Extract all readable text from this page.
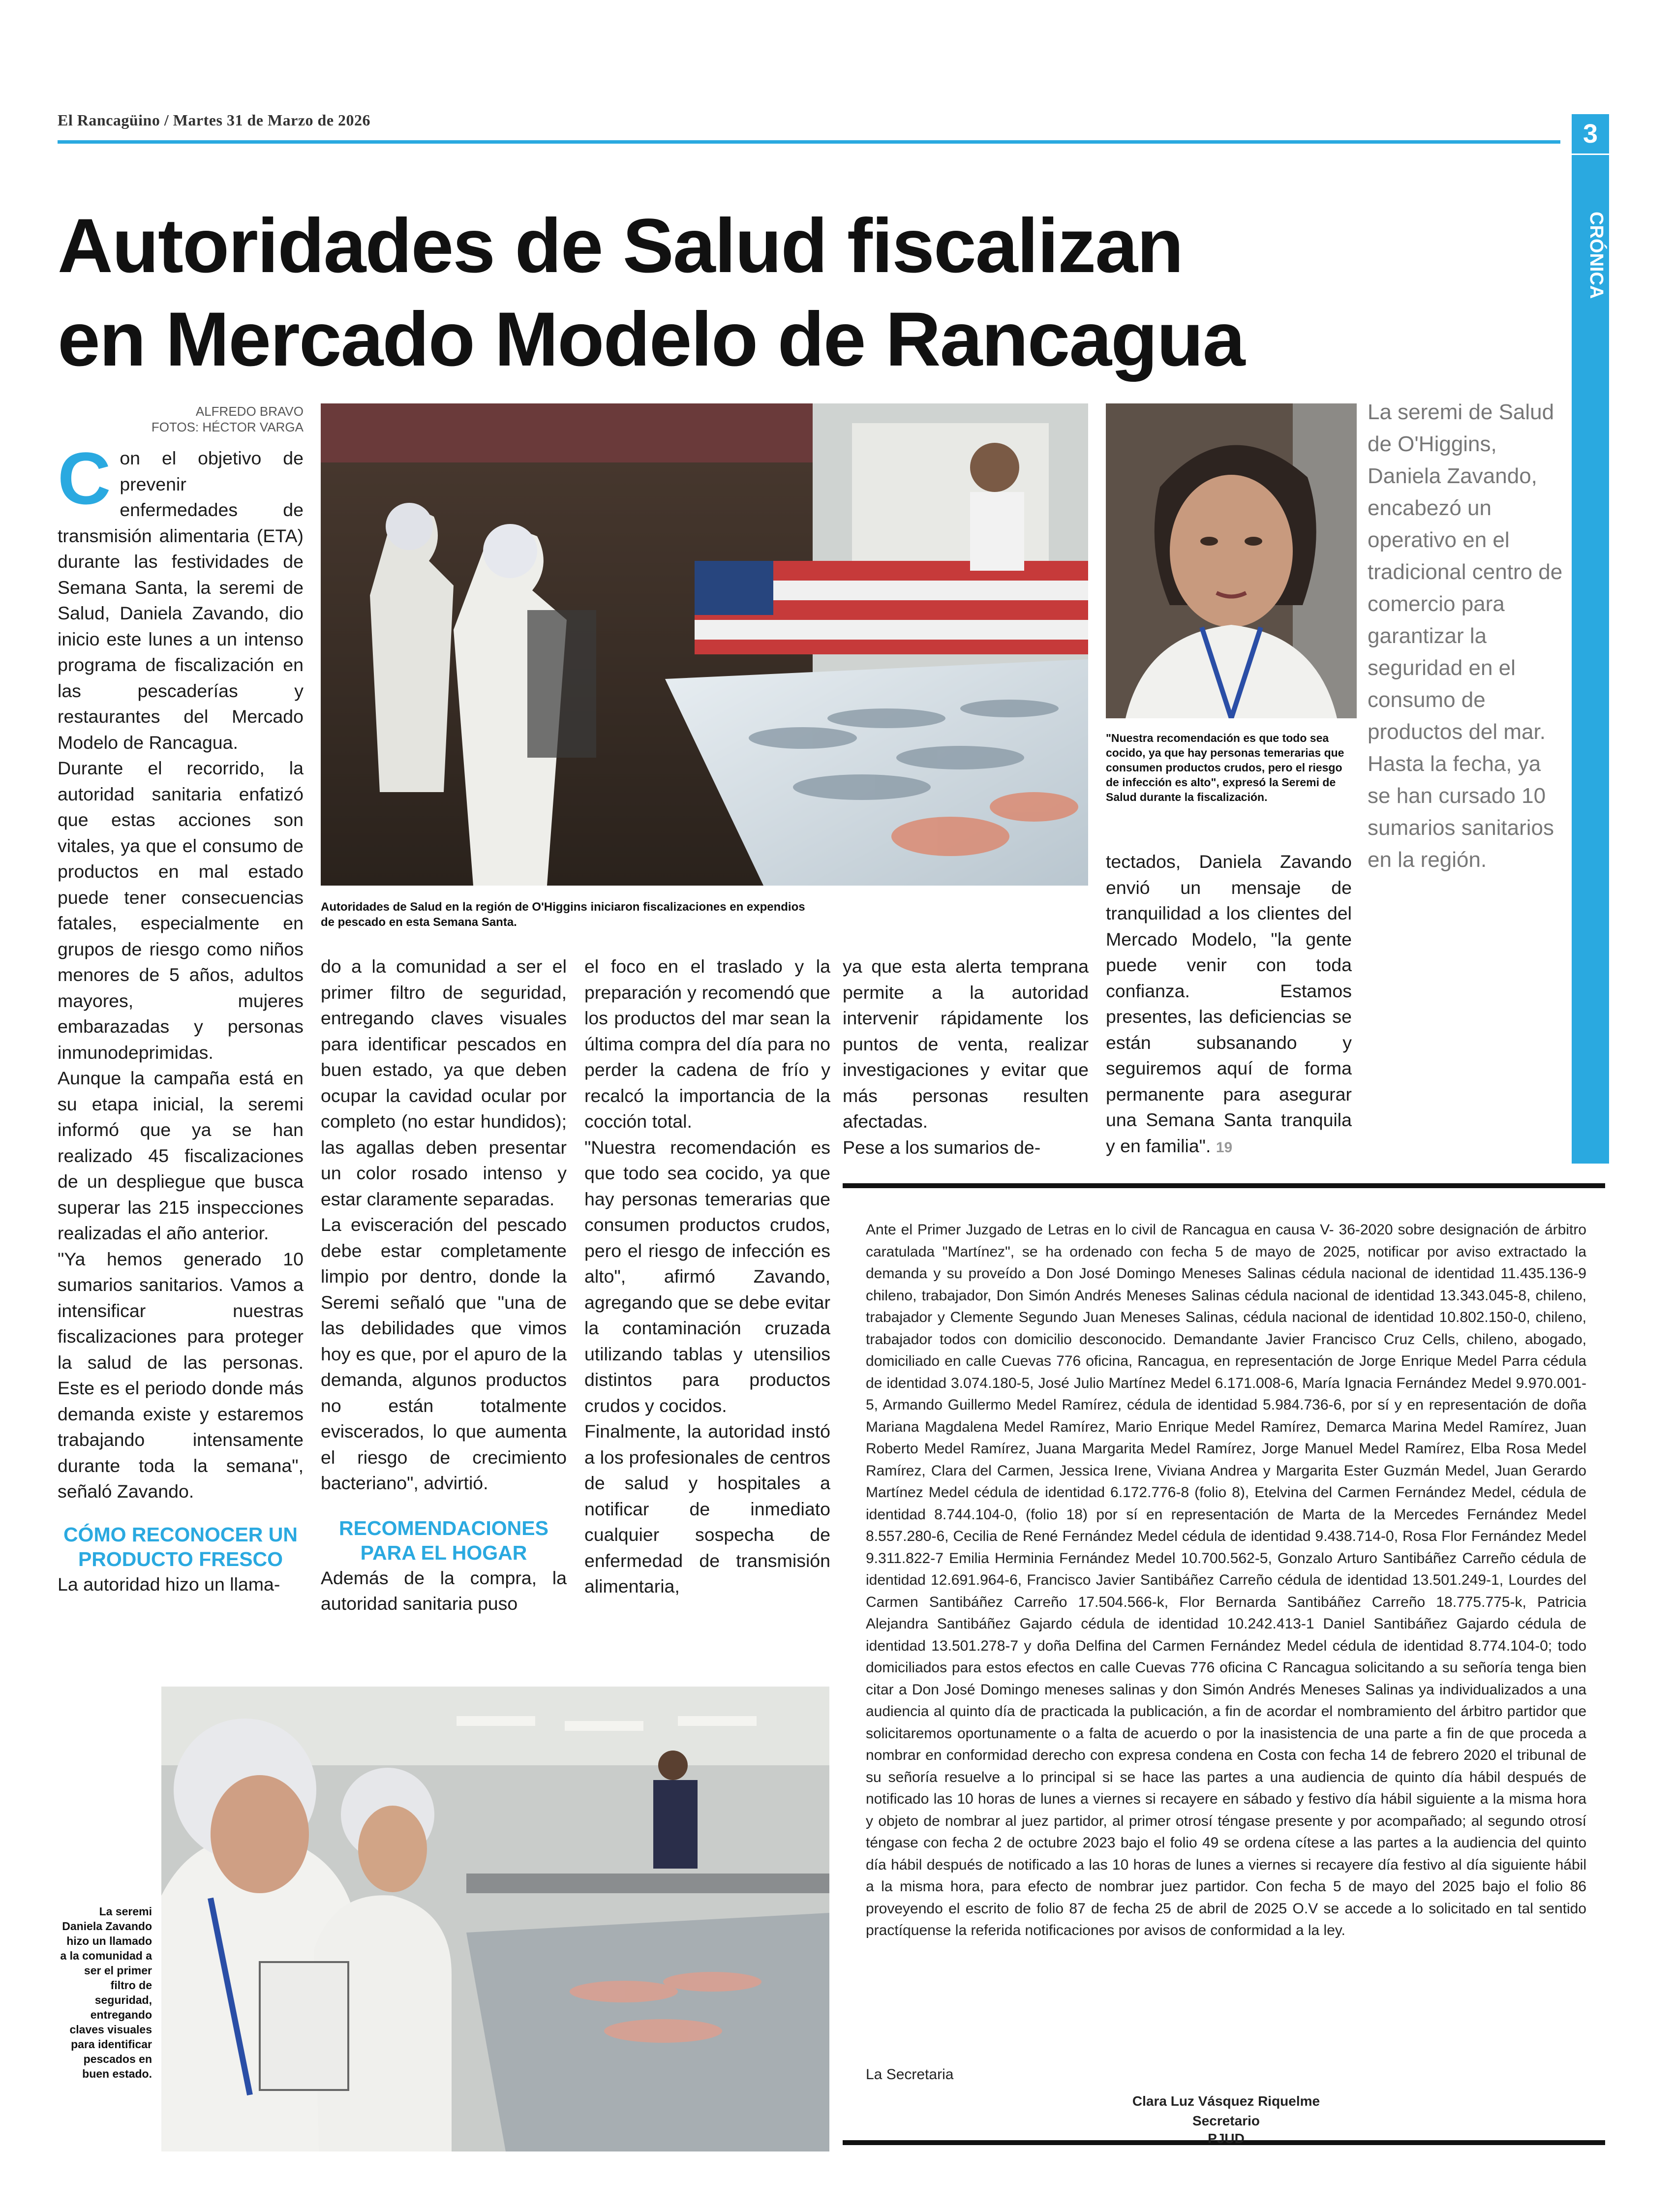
El Rancagüino / Martes 31 de Marzo de 2026	3
CRÓNICA
Autoridades de Salud fiscalizan en Mercado Modelo de Rancagua
ALFREDO BRAVO
FOTOS: HÉCTOR VARGA

Con el objetivo de prevenir enfermedades de transmisión alimentaria (ETA) durante las festividades de Semana Santa, la seremi de Salud, Daniela Zavando, dio inicio este lunes a un intenso programa de fiscalización en las pescaderías y restaurantes del Mercado Modelo de Rancagua.

Durante el recorrido, la autoridad sanitaria enfatizó que estas acciones son vitales, ya que el consumo de productos en mal estado puede tener consecuencias fatales, especialmente en grupos de riesgo como niños menores de 5 años, adultos mayores, mujeres embarazadas y personas inmunodeprimidas.

Aunque la campaña está en su etapa inicial, la seremi informó que ya se han realizado 45 fiscalizaciones de un despliegue que busca superar las 215 inspecciones realizadas el año anterior.

"Ya hemos generado 10 sumarios sanitarios. Vamos a intensificar nuestras fiscalizaciones para proteger la salud de las personas. Este es el periodo donde más demanda existe y estaremos trabajando intensamente durante toda la semana", señaló Zavando.

CÓMO RECONOCER UN PRODUCTO FRESCO

La autoridad hizo un llama-

Autoridades de Salud en la región de O'Higgins iniciaron fiscalizaciones en expendios de pescado en esta Semana Santa.
"Nuestra recomendación es que todo sea cocido, ya que hay personas temerarias que consumen productos crudos, pero el riesgo de infección es alto", expresó la Seremi de Salud durante la fiscalización.
La seremi de Salud de O'Higgins, Daniela Zavando, encabezó un operativo en el tradicional centro de comercio para garantizar la seguridad en el consumo de productos del mar. Hasta la fecha, ya se han cursado 10 sumarios sanitarios en la región.

do a la comunidad a ser el primer filtro de seguridad, entregando claves visuales para identificar pescados en buen estado, ya que deben ocupar la cavidad ocular por completo (no estar hundidos); las agallas deben presentar un color rosado intenso y estar claramente separadas.

La evisceración del pescado debe estar completamente limpio por dentro, donde la Seremi señaló que "una de las debilidades que vimos hoy es que, por el apuro de la demanda, algunos productos no están totalmente eviscerados, lo que aumenta el riesgo de crecimiento bacteriano", advirtió.

RECOMENDACIONES PARA EL HOGAR

Además de la compra, la autoridad sanitaria puso

el foco en el traslado y la preparación y recomendó que los productos del mar sean la última compra del día para no perder la cadena de frío y recalcó la importancia de la cocción total.

"Nuestra recomendación es que todo sea cocido, ya que hay personas temerarias que consumen productos crudos, pero el riesgo de infección es alto", afirmó Zavando, agregando que se debe evitar la contaminación cruzada utilizando tablas y utensilios distintos para productos crudos y cocidos.

Finalmente, la autoridad instó a los profesionales de centros de salud y hospitales a notificar de inmediato cualquier sospecha de enfermedad de transmisión alimentaria,

ya que esta alerta temprana permite a la autoridad intervenir rápidamente los puntos de venta, realizar investigaciones y evitar que más personas resulten afectadas.

Pese a los sumarios de-

tectados, Daniela Zavando envió un mensaje de tranquilidad a los clientes del Mercado Modelo, "la gente puede venir con toda confianza. Estamos presentes, las deficiencias se están subsanando y seguiremos aquí de forma permanente para asegurar una Semana Santa tranquila y en familia". 19

La seremi Daniela Zavando hizo un llamado a la comunidad a ser el primer filtro de seguridad, entregando claves visuales para identificar pescados en buen estado.
Ante el Primer Juzgado de Letras en lo civil de Rancagua en causa V- 36-2020 sobre designación de árbitro caratulada "Martínez", se ha ordenado con fecha 5 de mayo de 2025, notificar por aviso extractado la demanda y su proveído a Don José Domingo Meneses Salinas cédula nacional de identidad 11.435.136-9 chileno, trabajador, Don Simón Andrés Meneses Salinas cédula nacional de identidad 13.343.045-8, chileno, trabajador y Clemente Segundo Juan Meneses Salinas, cédula nacional de identidad 10.802.150-0, chileno, trabajador todos con domicilio desconocido. Demandante Javier Francisco Cruz Cells, chileno, abogado, domiciliado en calle Cuevas 776 oficina, Rancagua, en representación de Jorge Enrique Medel Parra cédula de identidad 3.074.180-5, José Julio Martínez Medel 6.171.008-6, María Ignacia Fernández Medel 9.970.001-5, Armando Guillermo Medel Ramírez, cédula de identidad 5.984.736-6, por sí y en representación de doña Mariana Magdalena Medel Ramírez, Mario Enrique Medel Ramírez, Demarca Marina Medel Ramírez, Juan Roberto Medel Ramírez, Juana Margarita Medel Ramírez, Jorge Manuel Medel Ramírez, Elba Rosa Medel Ramírez, Clara del Carmen, Jessica Irene, Viviana Andrea y Margarita Ester Guzmán Medel, Juan Gerardo Martínez Medel cédula de identidad 6.172.776-8 (folio 8), Etelvina del Carmen Fernández Medel, cédula de identidad 8.744.104-0, (folio 18) por sí en representación de Marta de la Mercedes Fernández Medel 8.557.280-6, Cecilia de René Fernández Medel cédula de identidad 9.438.714-0, Rosa Flor Fernández Medel 9.311.822-7 Emilia Herminia Fernández Medel 10.700.562-5, Gonzalo Arturo Santibáñez Carreño cédula de identidad 12.691.964-6, Francisco Javier Santibáñez Carreño cédula de identidad 13.501.249-1, Lourdes del Carmen Santibáñez Carreño 17.504.566-k, Flor Bernarda Santibáñez Carreño 18.775.775-k, Patricia Alejandra Santibáñez Gajardo cédula de identidad 10.242.413-1 Daniel Santibáñez Gajardo cédula de identidad 13.501.278-7 y doña Delfina del Carmen Fernández Medel cédula de identidad 8.774.104-0; todo domiciliados para estos efectos en calle Cuevas 776 oficina C Rancagua solicitando a su señoría tenga bien citar a Don José Domingo meneses salinas y don Simón Andrés Meneses Salinas ya individualizados a una audiencia al quinto día de practicada la publicación, a fin de acordar el nombramiento del árbitro partidor que solicitaremos oportunamente o a falta de acuerdo o por la inasistencia de una parte a fin de que proceda a nombrar en conformidad derecho con expresa condena en Costa con fecha 14 de febrero 2020 el tribunal de su señoría resuelve a lo principal si se hace las partes a una audiencia de quinto día hábil después de notificado las 10 horas de lunes a viernes si recayere en sábado y festivo día hábil siguiente a la misma hora y objeto de nombrar al juez partidor, al primer otrosí téngase presente y por acompañado; al segundo otrosí téngase con fecha 2 de octubre 2023 bajo el folio 49 se ordena cítese a las partes a la audiencia del quinto día hábil después de notificado a las 10 horas de lunes a viernes si recayere día festivo al día siguiente hábil a la misma hora, para efecto de nombrar juez partidor. Con fecha 5 de mayo del 2025 bajo el folio 86 proveyendo el escrito de folio 87 de fecha 25 de abril de 2025 O.V se accede a lo solicitado en tal sentido practíquense la referida notificaciones por avisos de conformidad a la ley.
La Secretaria
Clara Luz Vásquez Riquelme
Secretario
PJUD
